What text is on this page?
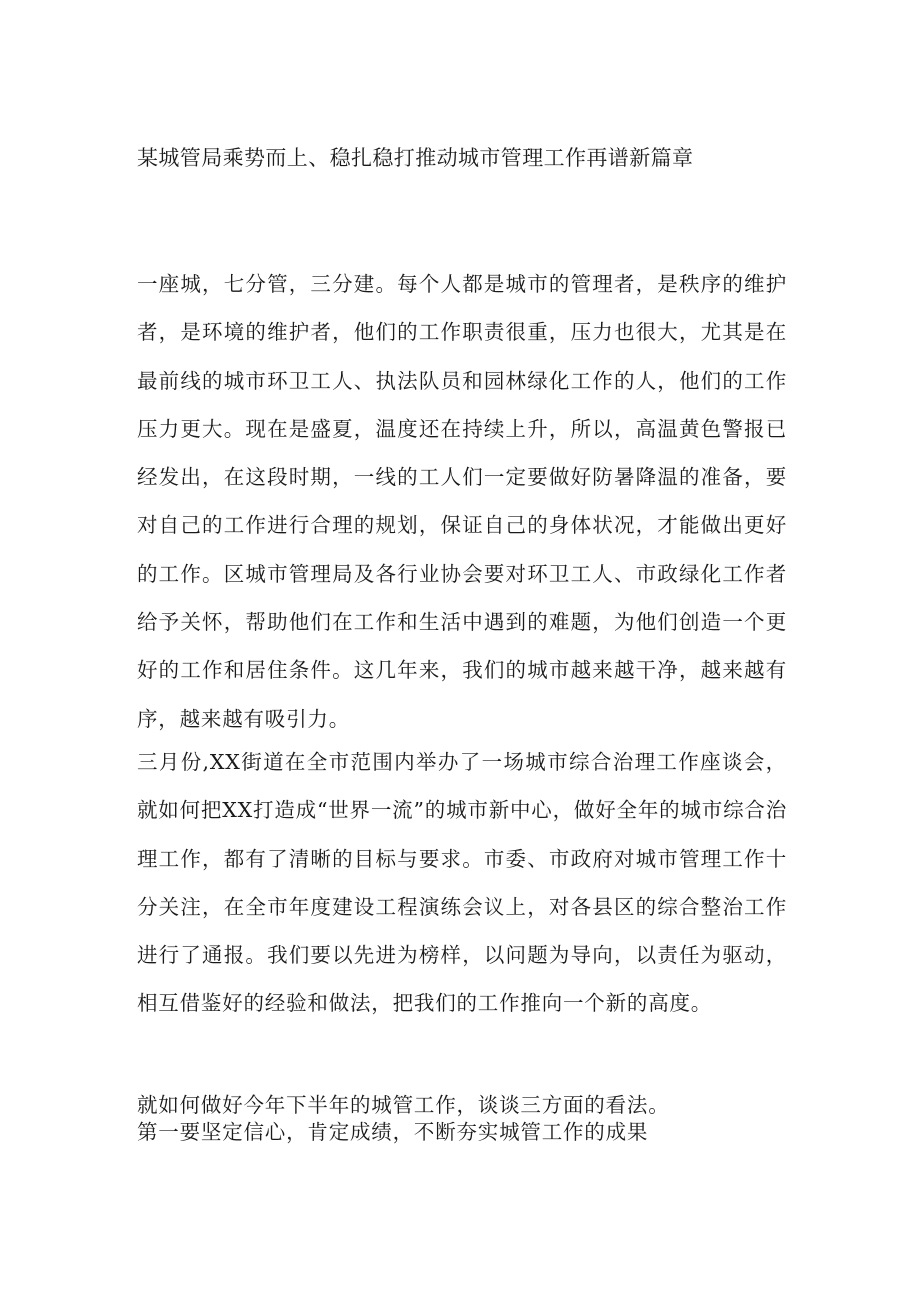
某城管局乘势而上、稳扎稳打推动城市管理工作再谱新篇章

一座城，七分管，三分建。每个人都是城市的管理者，是秩序的维护者，是环境的维护者，他们的工作职责很重，压力也很大，尤其是在最前线的城市环卫工人、执法队员和园林绿化工作的人，他们的工作压力更大。现在是盛夏，温度还在持续上升，所以，高温黄色警报已经发出，在这段时期，一线的工人们一定要做好防暑降温的准备，要对自己的工作进行合理的规划，保证自己的身体状况，才能做出更好的工作。区城市管理局及各行业协会要对环卫工人、市政绿化工作者给予关怀，帮助他们在工作和生活中遇到的难题，为他们创造一个更好的工作和居住条件。这几年来，我们的城市越来越干净，越来越有序，越来越有吸引力。

三月份,XX街道在全市范围内举办了一场城市综合治理工作座谈会，就如何把XX打造成“世界一流”的城市新中心，做好全年的城市综合治理工作，都有了清晰的目标与要求。市委、市政府对城市管理工作十分关注，在全市年度建设工程演练会议上，对各县区的综合整治工作进行了通报。我们要以先进为榜样，以问题为导向，以责任为驱动，相互借鉴好的经验和做法，把我们的工作推向一个新的高度。

就如何做好今年下半年的城管工作，谈谈三方面的看法。

第一要坚定信心，肯定成绩，不断夯实城管工作的成果
